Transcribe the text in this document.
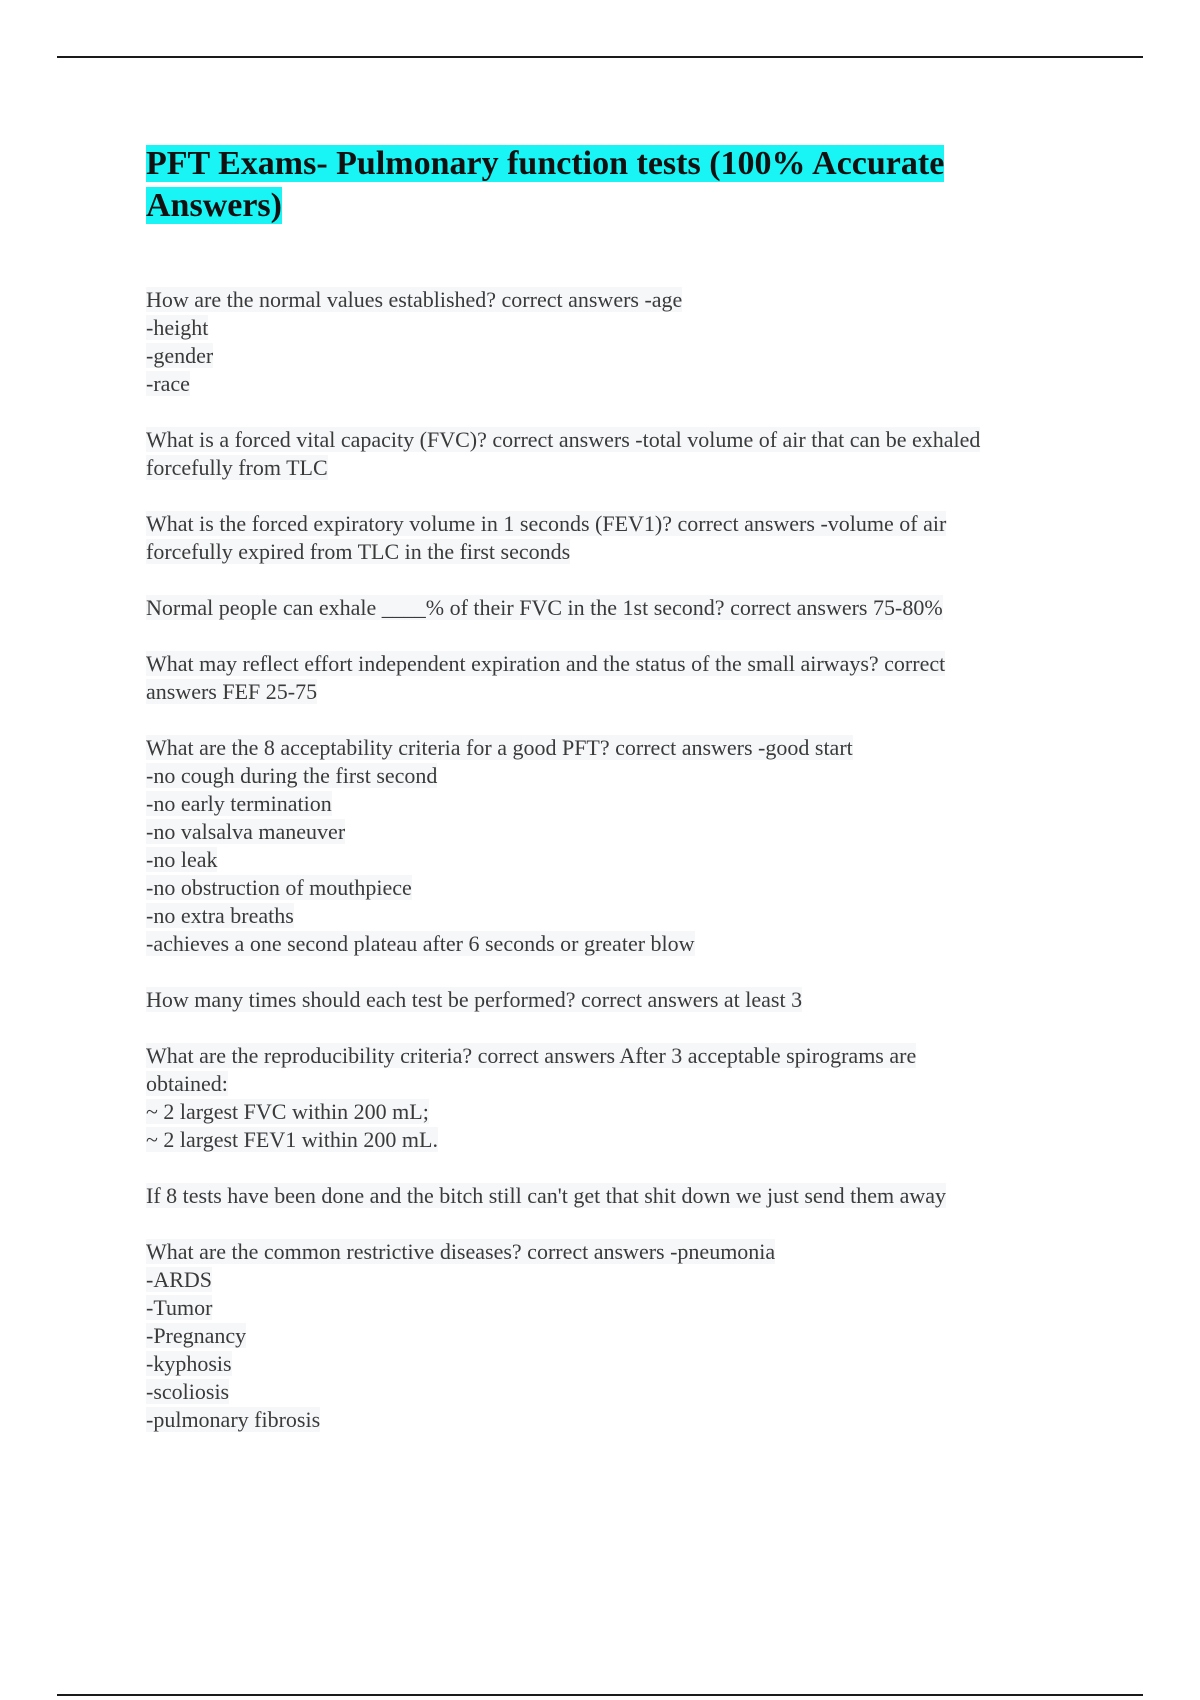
PFT Exams- Pulmonary function tests (100% Accurate Answers)
How are the normal values established? correct answers -age
-height
-gender
-race
What is a forced vital capacity (FVC)? correct answers -total volume of air that can be exhaled
forcefully from TLC
What is the forced expiratory volume in 1 seconds (FEV1)? correct answers -volume of air
forcefully expired from TLC in the first seconds
Normal people can exhale ____% of their FVC in the 1st second? correct answers 75-80%
What may reflect effort independent expiration and the status of the small airways? correct
answers FEF 25-75
What are the 8 acceptability criteria for a good PFT? correct answers -good start
-no cough during the first second
-no early termination
-no valsalva maneuver
-no leak
-no obstruction of mouthpiece
-no extra breaths
-achieves a one second plateau after 6 seconds or greater blow
How many times should each test be performed? correct answers at least 3
What are the reproducibility criteria? correct answers After 3 acceptable spirograms are
obtained:
~ 2 largest FVC within 200 mL;
~ 2 largest FEV1 within 200 mL.
If 8 tests have been done and the bitch still can't get that shit down we just send them away
What are the common restrictive diseases? correct answers -pneumonia
-ARDS
-Tumor
-Pregnancy
-kyphosis
-scoliosis
-pulmonary fibrosis
